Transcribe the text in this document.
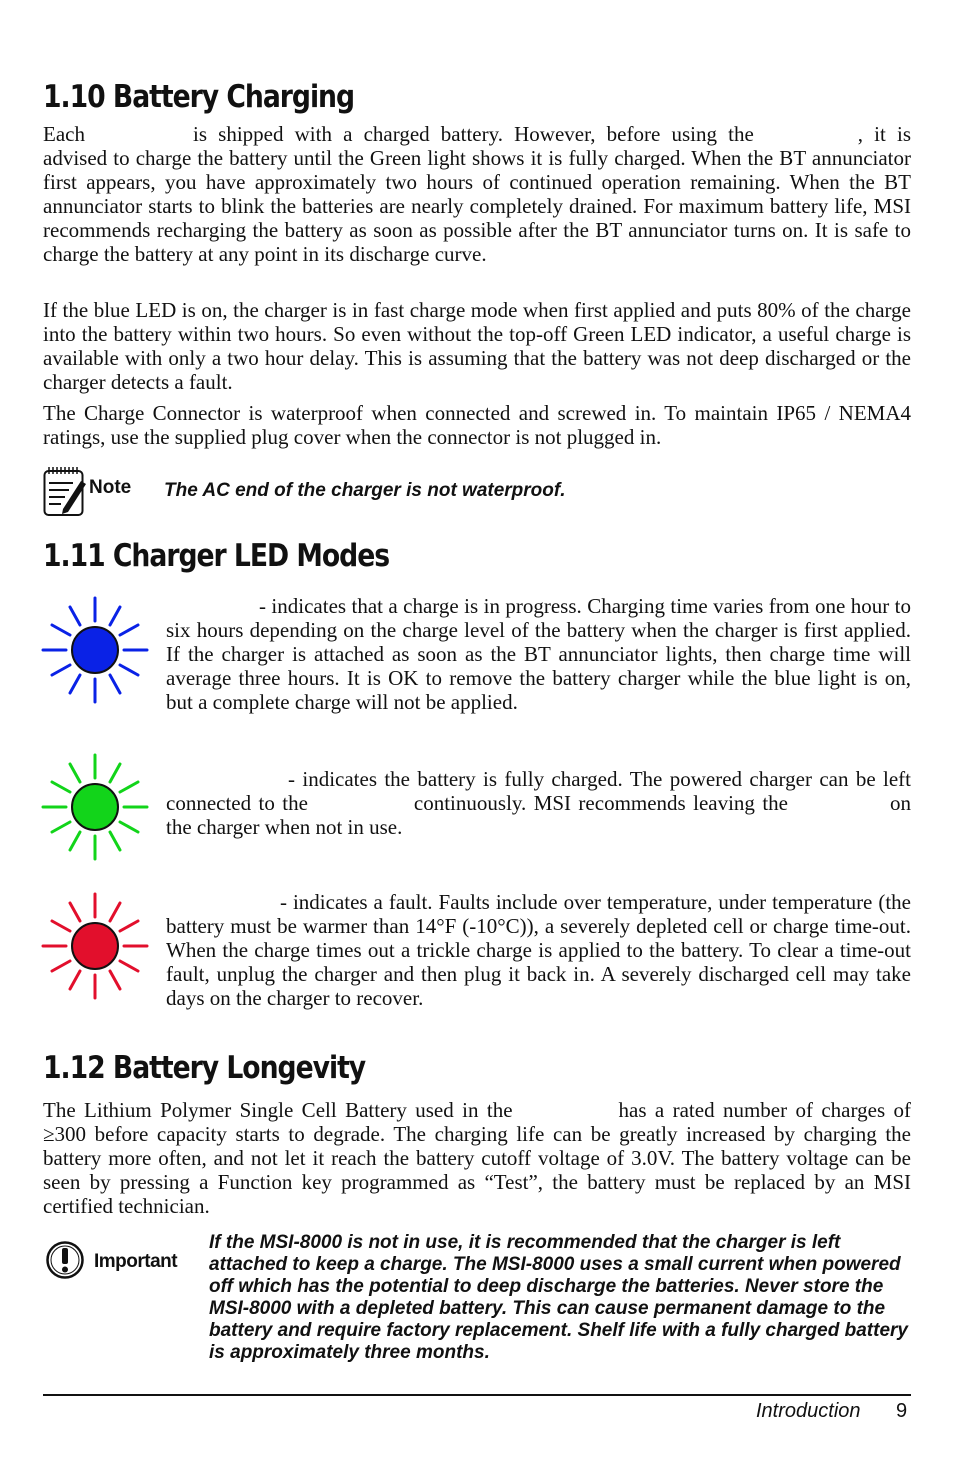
1.10 Battery Charging

Each	is shipped with a charged battery. However, before using the	, it is advised to charge the battery until the Green light shows it is fully charged. When the BT annunciator first appears, you have approximately two hours of continued operation remaining. When the BT annunciator starts to blink the batteries are nearly completely drained. For maximum battery life, MSI recommends recharging the battery as soon as possible after the BT annunciator turns on. It is safe to charge the battery at any point in its discharge curve.

If the blue LED is on, the charger is in fast charge mode when first applied and puts 80% of the charge into the battery within two hours. So even without the top-off Green LED indicator, a useful charge is available with only a two hour delay. This is assuming that the battery was not deep discharged or the charger detects a fault.

The Charge Connector is waterproof when connected and screwed in. To maintain IP65 / NEMA4 ratings, use the supplied plug cover when the connector is not plugged in.

Note The AC end of the charger is not waterproof.

1.11 Charger LED Modes

- indicates that a charge is in progress. Charging time varies from one hour to six hours depending on the charge level of the battery when the charger is first applied. If the charger is attached as soon as the BT annunciator lights, then charge time will average three hours. It is OK to remove the battery charger while the blue light is on, but a complete charge will not be applied.

- indicates the battery is fully charged. The powered charger can be left connected to the	continuously. MSI recommends leaving the	on the charger when not in use.

- indicates a fault. Faults include over temperature, under temperature (the battery must be warmer than 14°F (-10°C)), a severely depleted cell or charge time-out. When the charge times out a trickle charge is applied to the battery. To clear a time-out fault, unplug the charger and then plug it back in. A severely discharged cell may take days on the charger to recover.

1.12 Battery Longevity

The Lithium Polymer Single Cell Battery used in the	has a rated number of charges of ≥300 before capacity starts to degrade. The charging life can be greatly increased by charging the battery more often, and not let it reach the battery cutoff voltage of 3.0V. The battery voltage can be seen by pressing a Function key programmed as “Test”, the battery must be replaced by an MSI certified technician.

Important

If the MSI-8000 is not in use, it is recommended that the charger is left attached to keep a charge. The MSI-8000 uses a small current when powered off which has the potential to deep discharge the batteries. Never store the MSI-8000 with a depleted battery. This can cause permanent damage to the battery and require factory replacement. Shelf life with a fully charged battery is approximately three months.

Introduction 9
